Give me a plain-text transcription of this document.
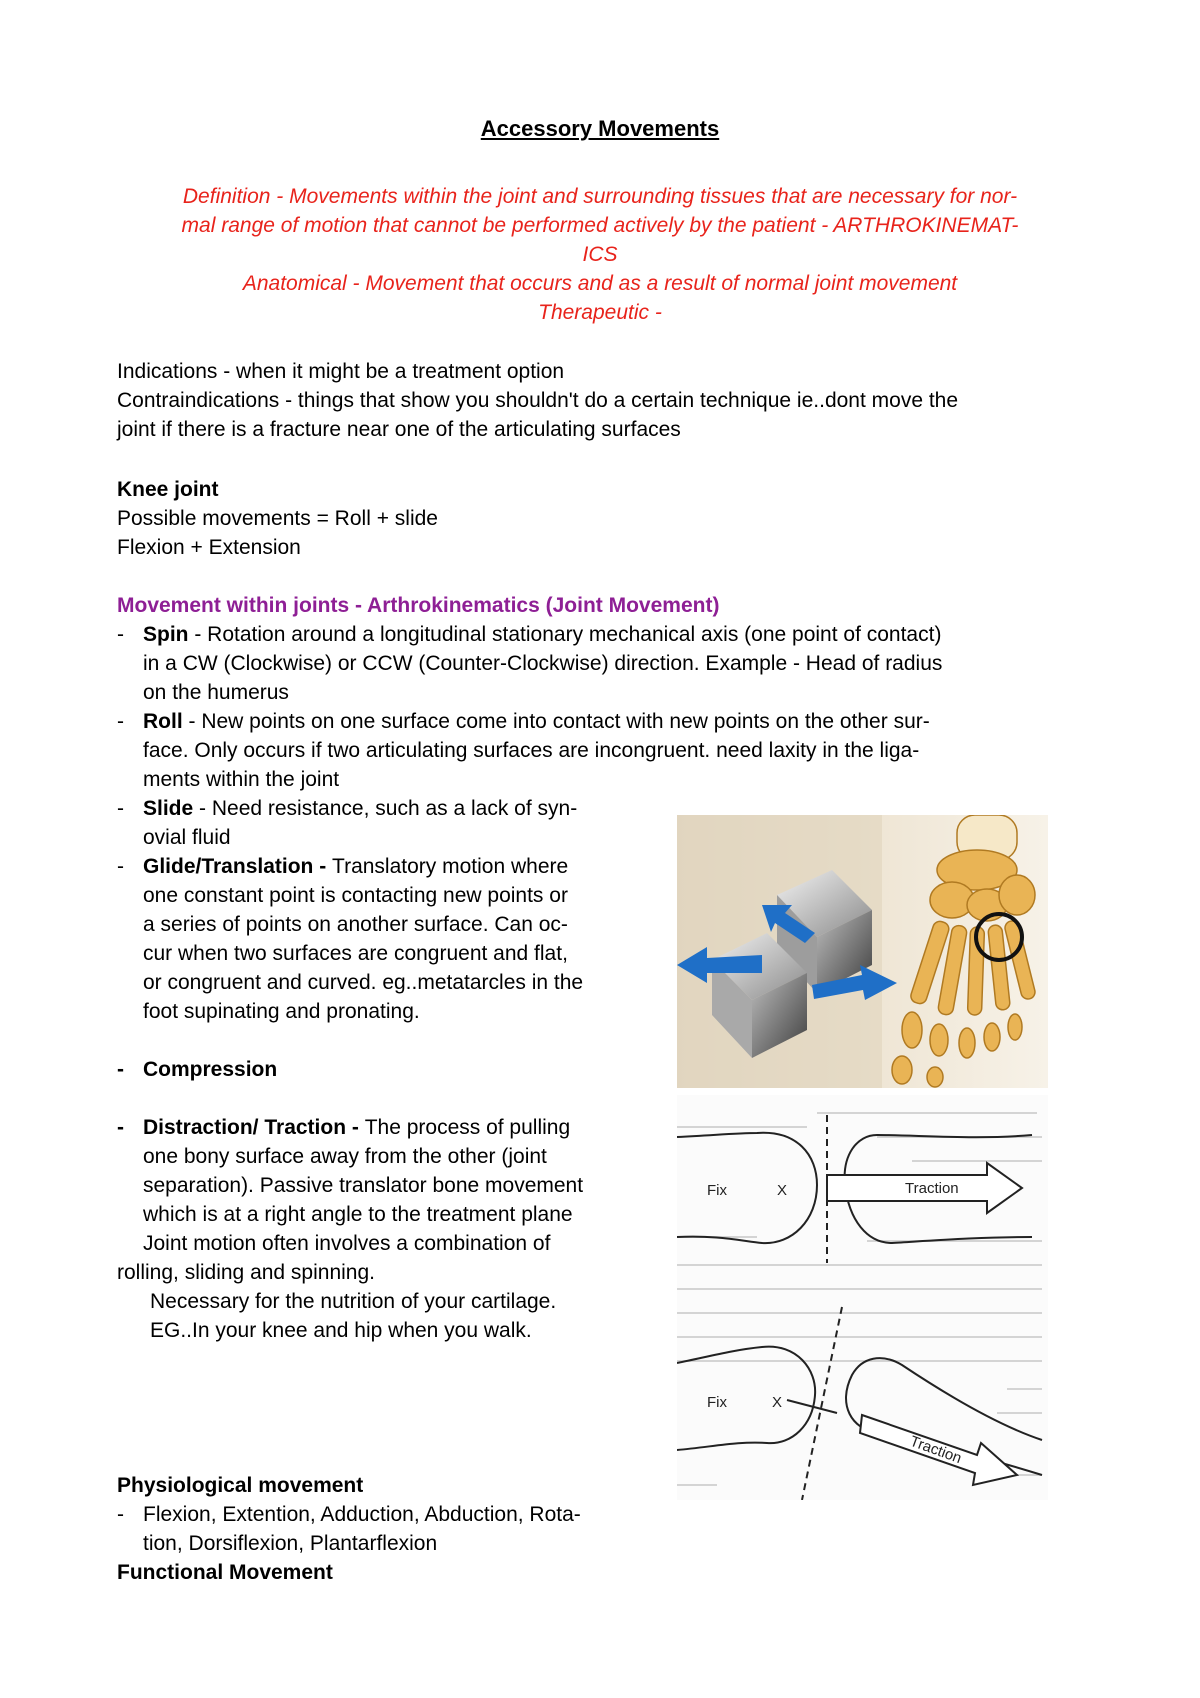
Accessory Movements
Definition - Movements within the joint and surrounding tissues that are necessary for nor-
mal range of motion that cannot be performed actively by the patient - ARTHROKINEMAT-
ICS
Anatomical - Movement that occurs and as a result of normal joint movement
Therapeutic -
Indications - when it might be a treatment option
Contraindications - things that show you shouldn't do a certain technique ie..dont move the
joint if there is a fracture near one of the articulating surfaces
Knee joint
Possible movements = Roll + slide
Flexion + Extension
Movement within joints - Arthrokinematics (Joint Movement)
- Spin - Rotation around a longitudinal stationary mechanical axis (one point of contact)
in a CW (Clockwise) or CCW (Counter-Clockwise) direction. Example - Head of radius
on the humerus
- Roll - New points on one surface come into contact with new points on the other sur-
face. Only occurs if two articulating surfaces are incongruent. need laxity in the liga-
ments within the joint
- Slide - Need resistance, such as a lack of syn-
ovial fluid
- Glide/Translation - Translatory motion where
one constant point is contacting new points or
a series of points on another surface. Can oc-
cur when two surfaces are congruent and flat,
or congruent and curved. eg..metatarcles in the
foot supinating and pronating.
- Compression
- Distraction/ Traction - The process of pulling
one bony surface away from the other (joint
separation). Passive translator bone movement
which is at a right angle to the treatment plane
Joint motion often involves a combination of
rolling, sliding and spinning.
Necessary for the nutrition of your cartilage.
EG..In your knee and hip when you walk.
Physiological movement
- Flexion, Extention, Adduction, Abduction, Rota-
tion, Dorsiflexion, Plantarflexion
Functional Movement
Fix	X	Traction
Fix	X
Traction
